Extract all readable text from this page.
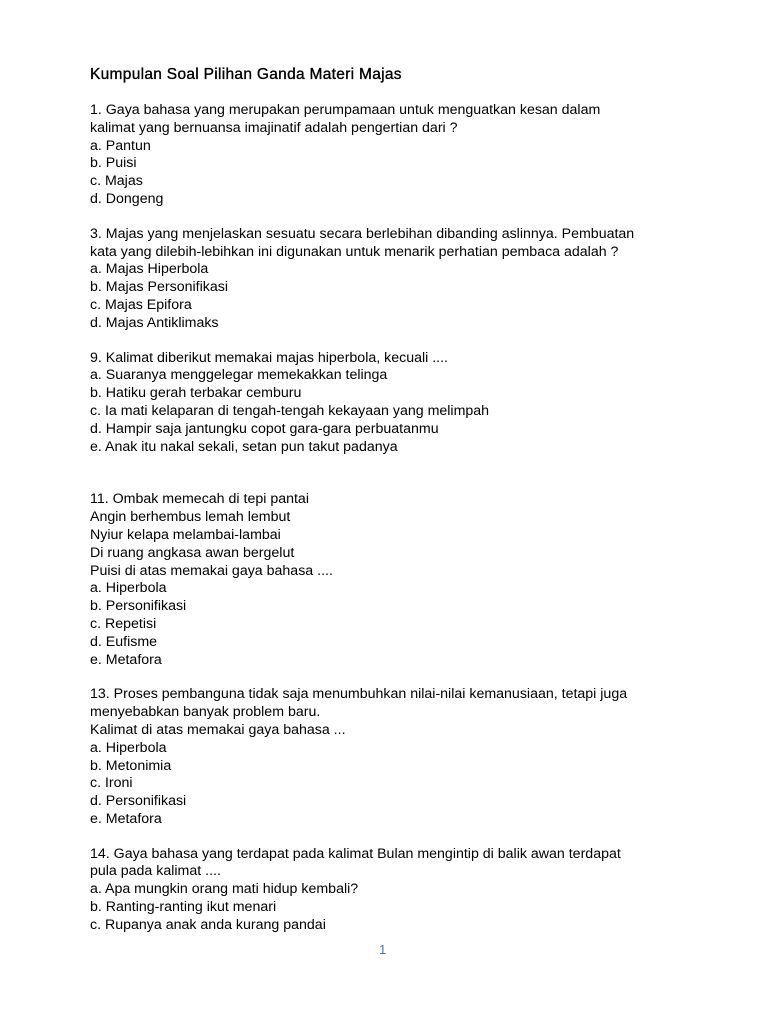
Kumpulan Soal Pilihan Ganda Materi Majas
1. Gaya bahasa yang merupakan perumpamaan untuk menguatkan kesan dalam
kalimat yang bernuansa imajinatif adalah pengertian dari ?
a. Pantun
b. Puisi
c. Majas
d. Dongeng
3. Majas yang menjelaskan sesuatu secara berlebihan dibanding aslinnya. Pembuatan
kata yang dilebih-lebihkan ini digunakan untuk menarik perhatian pembaca adalah ?
a. Majas Hiperbola
b. Majas Personifikasi
c. Majas Epifora
d. Majas Antiklimaks
9. Kalimat diberikut memakai majas hiperbola, kecuali ....
a. Suaranya menggelegar memekakkan telinga
b. Hatiku gerah terbakar cemburu
c. Ia mati kelaparan di tengah-tengah kekayaan yang melimpah
d. Hampir saja jantungku copot gara-gara perbuatanmu
e. Anak itu nakal sekali, setan pun takut padanya
11. Ombak memecah di tepi pantai
Angin berhembus lemah lembut
Nyiur kelapa melambai-lambai
Di ruang angkasa awan bergelut
Puisi di atas memakai gaya bahasa ....
a. Hiperbola
b. Personifikasi
c. Repetisi
d. Eufisme
e. Metafora
13. Proses pembanguna tidak saja menumbuhkan nilai-nilai kemanusiaan, tetapi juga
menyebabkan banyak problem baru.
Kalimat di atas memakai gaya bahasa ...
a. Hiperbola
b. Metonimia
c. Ironi
d. Personifikasi
e. Metafora
14. Gaya bahasa yang terdapat pada kalimat Bulan mengintip di balik awan terdapat
pula pada kalimat ....
a. Apa mungkin orang mati hidup kembali?
b. Ranting-ranting ikut menari
c. Rupanya anak anda kurang pandai
1
